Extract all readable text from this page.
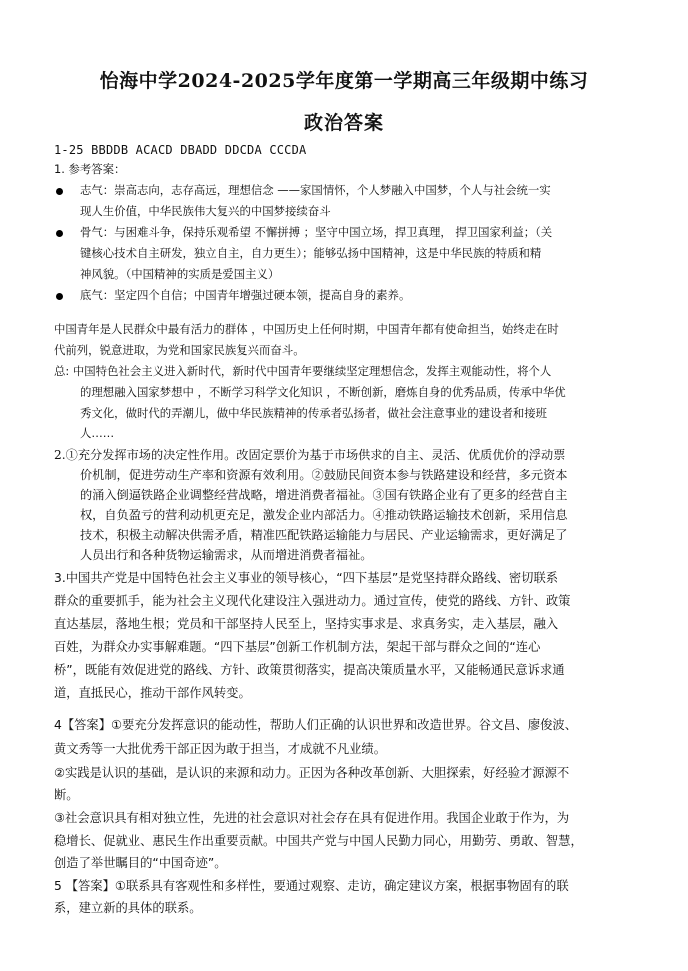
怡海中学2024-2025学年度第一学期高三年级期中练习
政治答案
1-25 BBDDB ACACD DBADD DDCDA CCCDA
1. 参考答案：
志气：崇高志向，志存高远，理想信念 ——家国情怀，个人梦融入中国梦，个人与社会统一实
现人生价值，中华民族伟大复兴的中国梦接续奋斗
骨气：与困难斗争，保持乐观希望 不懈拼搏 ；坚守中国立场，捍卫真理， 捍卫国家利益；（关
键核心技术自主研发，独立自主，自力更生）；能够弘扬中国精神，这是中华民族的特质和精
神风貌。（中国精神的实质是爱国主义）
底气：坚定四个自信；中国青年增强过硬本领，提高自身的素养。
中国青年是人民群众中最有活力的群体 ，中国历史上任何时期，中国青年都有使命担当，始终走在时
代前列，锐意进取，为党和国家民族复兴而奋斗。
总: 中国特色社会主义进入新时代，新时代中国青年要继续坚定理想信念，发挥主观能动性，将个人
的理想融入国家梦想中 ，不断学习科学文化知识 ，不断创新，磨炼自身的优秀品质，传承中华优
秀文化，做时代的弄潮儿，做中华民族精神的传承者弘扬者，做社会注意事业的建设者和接班
人……
2.①充分发挥市场的决定性作用。改固定票价为基于市场供求的自主、灵活、优质优价的浮动票
价机制，促进劳动生产率和资源有效利用。②鼓励民间资本参与铁路建设和经营，多元资本
的涌入倒逼铁路企业调整经营战略，增进消费者福祉。③国有铁路企业有了更多的经营自主
权，自负盈亏的营利动机更充足，激发企业内部活力。④推动铁路运输技术创新，采用信息
技术，积极主动解决供需矛盾，精准匹配铁路运输能力与居民、产业运输需求，更好满足了
人员出行和各种货物运输需求，从而增进消费者福祉。
3.中国共产党是中国特色社会主义事业的领导核心，“四下基层”是党坚持群众路线、密切联系
群众的重要抓手，能为社会主义现代化建设注入强进动力。通过宣传，使党的路线、方针、政策
直达基层，落地生根；党员和干部坚持人民至上，坚持实事求是、求真务实，走入基层，融入
百姓，为群众办实事解难题。“四下基层”创新工作机制方法，架起干部与群众之间的“连心
桥”，既能有效促进党的路线、方针、政策贯彻落实，提高决策质量水平，又能畅通民意诉求通
道，直抵民心，推动干部作风转变。
4【答案】①要充分发挥意识的能动性，帮助人们正确的认识世界和改造世界。谷文昌、廖俊波、
黄文秀等一大批优秀干部正因为敢于担当，才成就不凡业绩。
②实践是认识的基础，是认识的来源和动力。正因为各种改革创新、大胆探索，好经验才源源不
断。
③社会意识具有相对独立性，先进的社会意识对社会存在具有促进作用。我国企业敢于作为，为
稳增长、促就业、惠民生作出重要贡献。中国共产党与中国人民勤力同心，用勤劳、勇敢、智慧，
创造了举世瞩目的“中国奇迹”。
5 【答案】①联系具有客观性和多样性，要通过观察、走访，确定建议方案，根据事物固有的联
系，建立新的具体的联系。
